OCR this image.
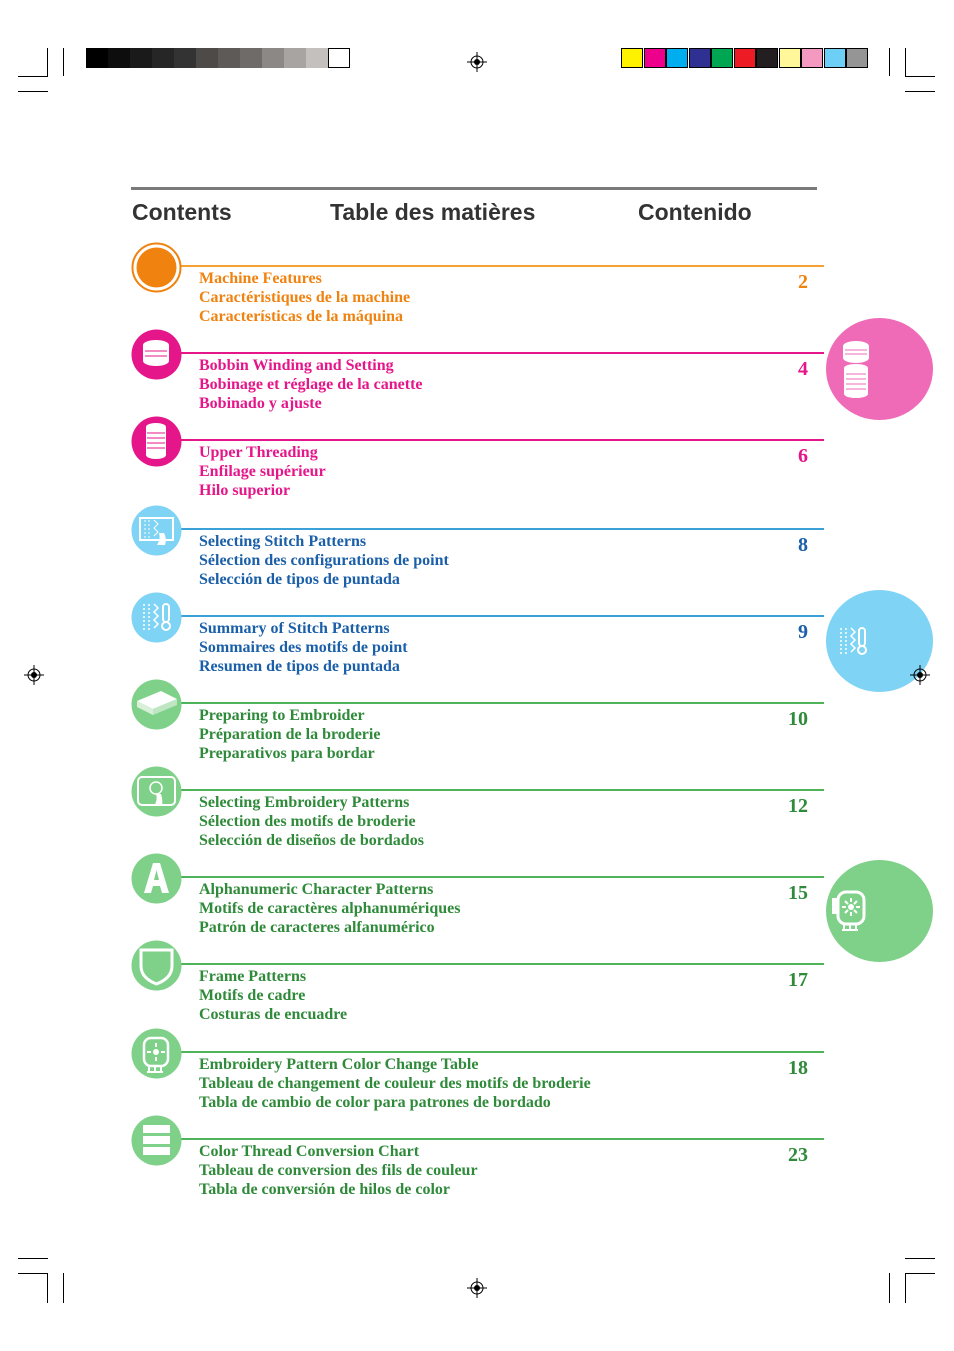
Contents	Table des matières	Contenido
Machine Features
Caractéristiques de la machine
Características de la máquina
2
Bobbin Winding and Setting
Bobinage et réglage de la canette
Bobinado y ajuste
4
Upper Threading
Enfilage supérieur
Hilo superior
6
Selecting Stitch Patterns
Sélection des configurations de point
Selección de tipos de puntada
8
Summary of Stitch Patterns
Sommaires des motifs de point
Resumen de tipos de puntada
9
Preparing to Embroider
Préparation de la broderie
Preparativos para bordar
10
Selecting Embroidery Patterns
Sélection des motifs de broderie
Selección de diseños de bordados
12
Alphanumeric Character Patterns
Motifs de caractères alphanumériques
Patrón de caracteres alfanumérico
15
Frame Patterns
Motifs de cadre
Costuras de encuadre
17
Embroidery Pattern Color Change Table
Tableau de changement de couleur des motifs de broderie
Tabla de cambio de color para patrones de bordado
18
Color Thread Conversion Chart
Tableau de conversion des fils de couleur
Tabla de conversión de hilos de color
23
